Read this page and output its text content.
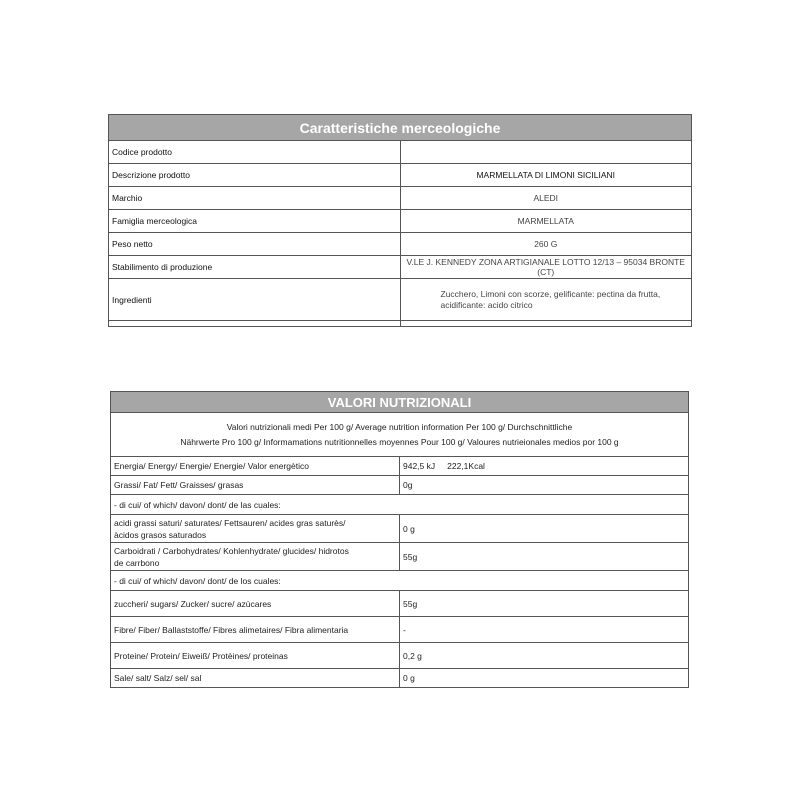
Caratteristiche merceologiche	
Codice prodotto	
Descrizione prodotto	MARMELLATA DI LIMONI SICILIANI
Marchio	ALEDI
Famiglia merceologica	MARMELLATA
Peso netto	260 G
Stabilimento di produzione	V.LE J. KENNEDY ZONA ARTIGIANALE LOTTO 12/13 – 95034 BRONTE (CT)
Ingredienti	Zucchero, Limoni con scorze, gelificante: pectina da frutta,
acidificante: acido citrico

VALORI NUTRIZIONALI	

Valori nutrizionali medi Per 100 g/ Average nutrition information Per 100 g/ Durchschnittliche
Nährwerte Pro 100 g/ Informamations nutritionnelles moyennes Pour 100 g/ Valoures nutrieionales medios por 100 g	

Energia/ Energy/ Energie/ Energie/ Valor energètico	942,5 kJ 222,1Kcal
Grassi/ Fat/ Fett/ Graisses/ grasas	0g
- di cui/ of which/ davon/ dont/ de las cuales:	

acidi grassi saturi/ saturates/ Fettsauren/ acides gras saturès/
àcidos grasos saturados	0 g

Carboidrati / Carbohydrates/ Kohlenhydrate/ glucides/ hidrotos
de carrbono	55g
- di cui/ of which/ davon/ dont/ de los cuales:	
zuccheri/ sugars/ Zucker/ sucre/ azùcares	55g
Fibre/ Fiber/ Ballaststoffe/ Fibres alimetaires/ Fibra alimentaria	-
Proteine/ Protein/ Eiweiß/ Protèines/ proteinas	0,2 g
Sale/ salt/ Salz/ sel/ sal	0 g
